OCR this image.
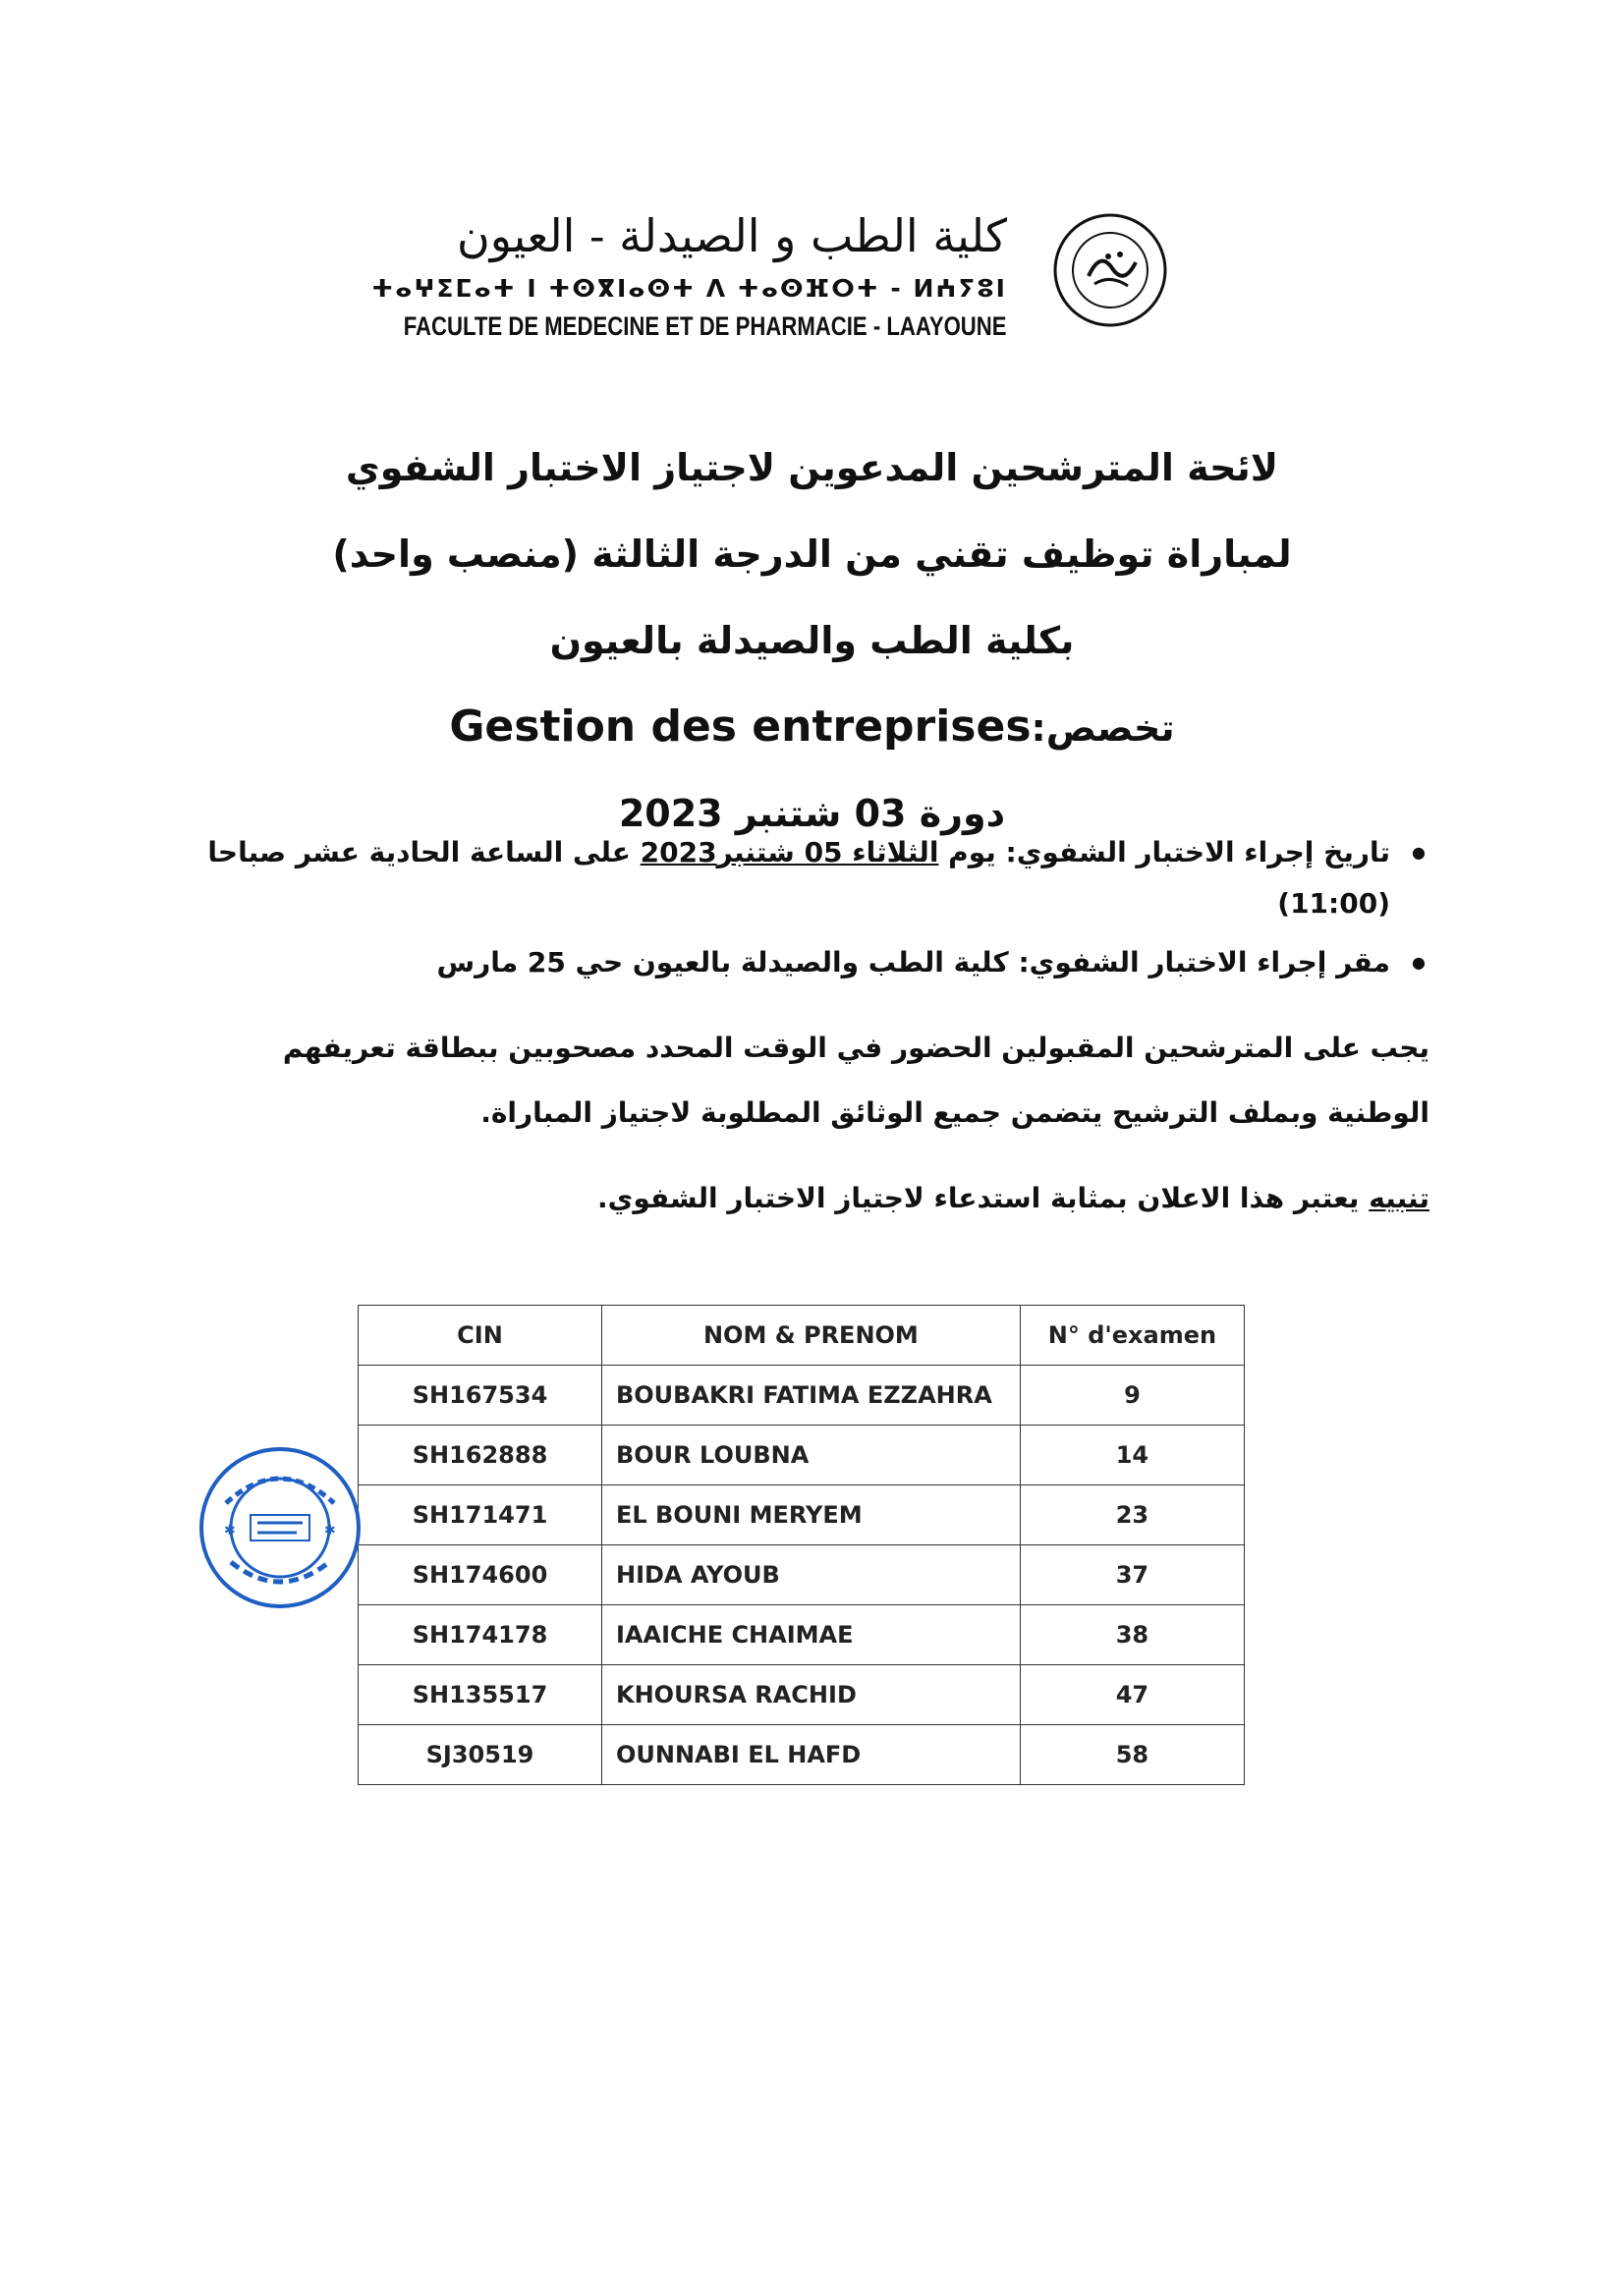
كلية الطب و الصيدلة - العيون
ⵜⴰⵖⵉⵎⴰⵜ Ⅰ ⵜⵙⴳⵏⴰⵙⵜ ⴷ ⵜⴰⵙⴼⵔⵜ - ⵍⵄⵢⵓⵏ
FACULTE DE MEDECINE ET DE PHARMACIE - LAAYOUNE
لائحة المترشحين المدعوين لاجتياز الاختبار الشفوي
لمباراة توظيف تقني من الدرجة الثالثة (منصب واحد)
بكلية الطب والصيدلة بالعيون
Gestion des entreprisesتخصص:
دورة 03 شتنبر 2023
● تاريخ إجراء الاختبار الشفوي: يوم الثلاثاء 05 شتنبر2023 على الساعة الحادية عشر صباحا (11:00)
● مقر إجراء الاختبار الشفوي: كلية الطب والصيدلة بالعيون حي 25 مارس
يجب على المترشحين المقبولين الحضور في الوقت المحدد مصحوبين ببطاقة تعريفهم الوطنية وبملف الترشيح يتضمن جميع الوثائق المطلوبة لاجتياز المباراة.
تنبيه يعتبر هذا الاعلان بمثابة استدعاء لاجتياز الاختبار الشفوي.
CIN	NOM & PRENOM	N° d'examen
SH167534	BOUBAKRI FATIMA EZZAHRA	9
SH162888	BOUR LOUBNA	14
SH171471	EL BOUNI MERYEM	23
SH174600	HIDA AYOUB	37
SH174178	IAAICHE CHAIMAE	38
SH135517	KHOURSA RACHID	47
SJ30519	OUNNABI EL HAFD	58
✱	✱
